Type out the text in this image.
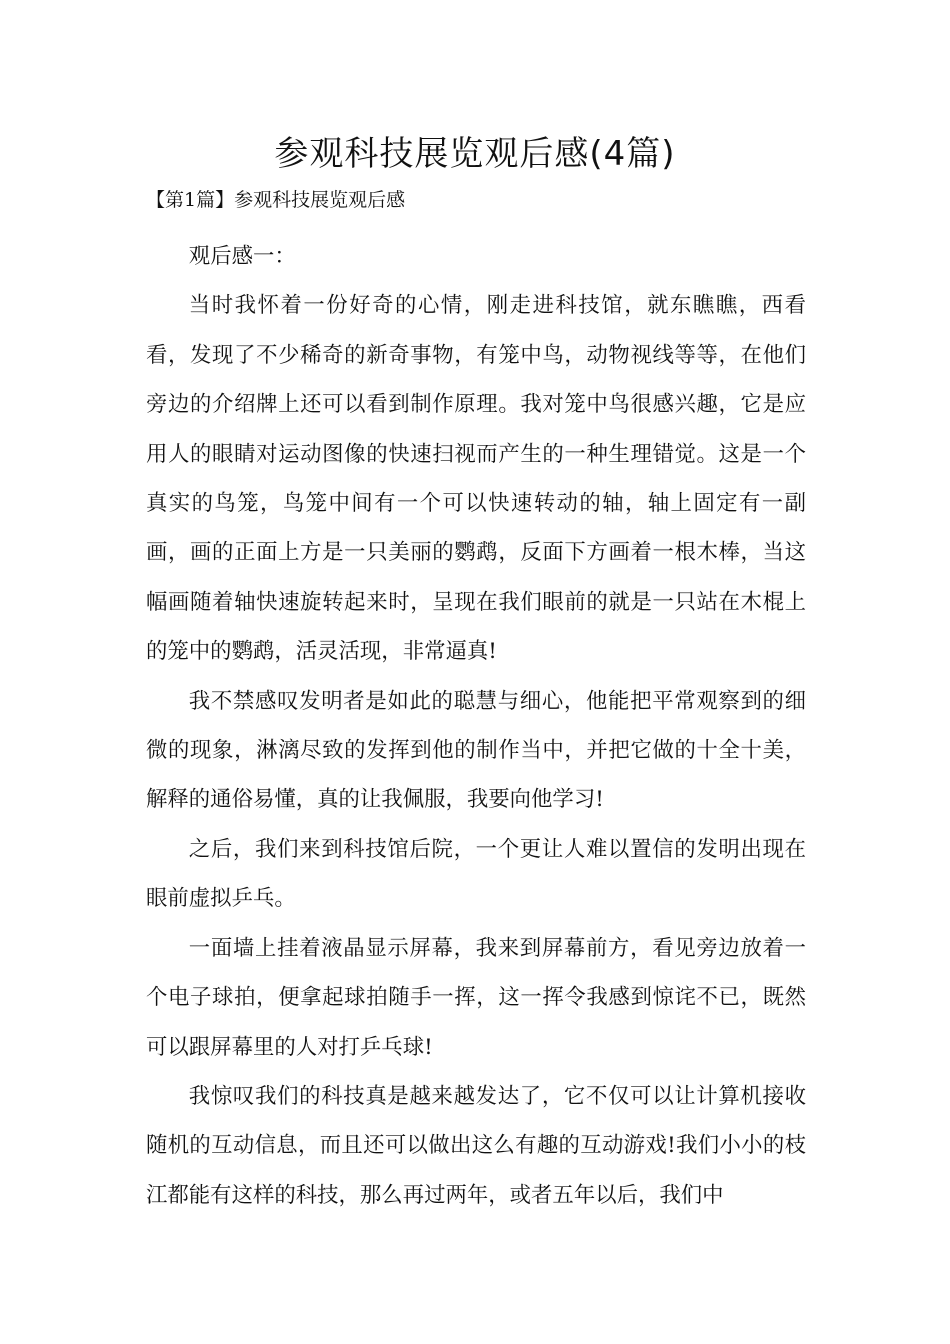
参观科技展览观后感(4篇)
【第1篇】参观科技展览观后感

观后感一：

当时我怀着一份好奇的心情，刚走进科技馆，就东瞧瞧，西看看，发现了不少稀奇的新奇事物，有笼中鸟，动物视线等等，在他们旁边的介绍牌上还可以看到制作原理。我对笼中鸟很感兴趣，它是应用人的眼睛对运动图像的快速扫视而产生的一种生理错觉。这是一个真实的鸟笼，鸟笼中间有一个可以快速转动的轴，轴上固定有一副画，画的正面上方是一只美丽的鹦鹉，反面下方画着一根木棒，当这幅画随着轴快速旋转起来时，呈现在我们眼前的就是一只站在木棍上的笼中的鹦鹉，活灵活现，非常逼真!

我不禁感叹发明者是如此的聪慧与细心，他能把平常观察到的细微的现象，淋漓尽致的发挥到他的制作当中，并把它做的十全十美，解释的通俗易懂，真的让我佩服，我要向他学习!

之后，我们来到科技馆后院，一个更让人难以置信的发明出现在眼前虚拟乒乓。

一面墙上挂着液晶显示屏幕，我来到屏幕前方，看见旁边放着一个电子球拍，便拿起球拍随手一挥，这一挥令我感到惊诧不已，既然可以跟屏幕里的人对打乒乓球!

我惊叹我们的科技真是越来越发达了，它不仅可以让计算机接收随机的互动信息，而且还可以做出这么有趣的互动游戏!我们小小的枝江都能有这样的科技，那么再过两年，或者五年以后，我们中
